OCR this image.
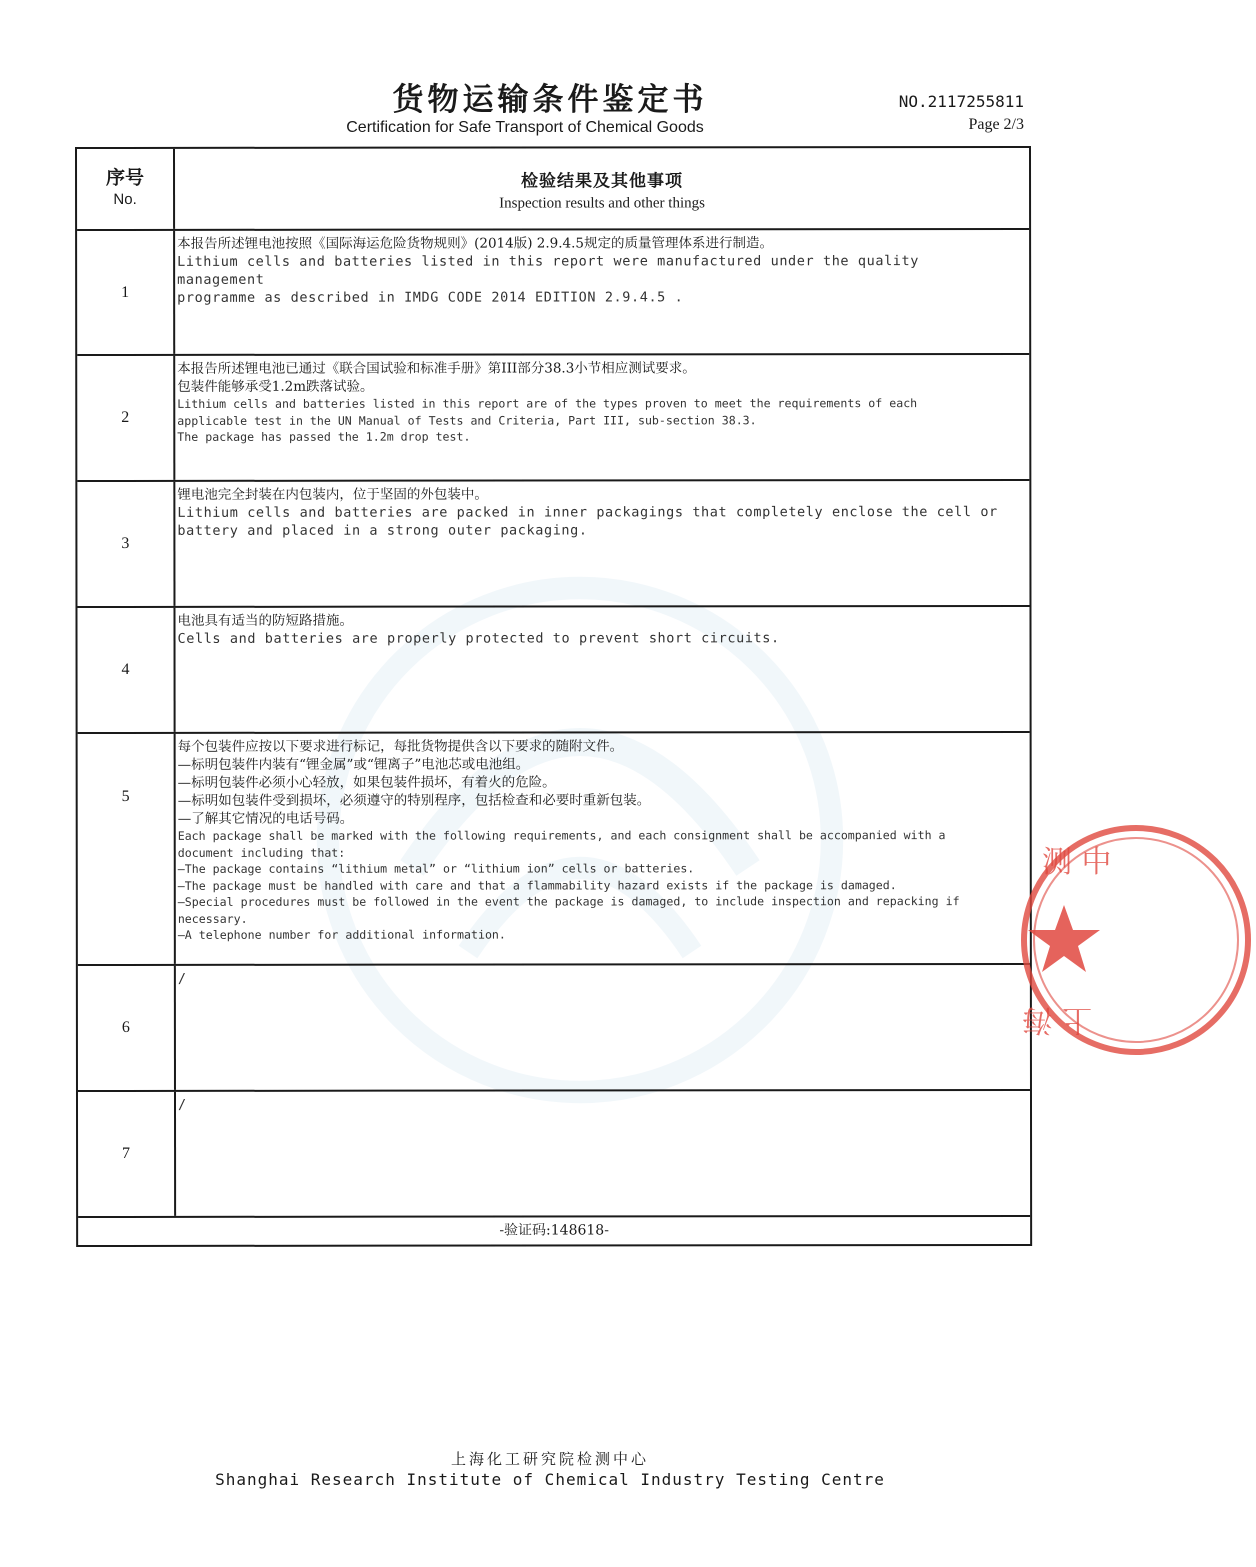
货物运输条件鉴定书
Certification for Safe Transport of Chemical Goods
NO.2117255811
Page 2/3
序号
No.
检验结果及其他事项
Inspection results and other things
1
本报告所述锂电池按照《国际海运危险货物规则》(2014版) 2.9.4.5规定的质量管理体系进行制造。
Lithium cells and batteries listed in this report were manufactured under the quality management
programme as described in IMDG CODE 2014 EDITION 2.9.4.5 .
2
本报告所述锂电池已通过《联合国试验和标准手册》第III部分38.3小节相应测试要求。
包装件能够承受1.2m跌落试验。
Lithium cells and batteries listed in this report are of the types proven to meet the requirements of each
applicable test in the UN Manual of Tests and Criteria, Part III, sub-section 38.3.
The package has passed the 1.2m drop test.
3
锂电池完全封装在内包装内，位于坚固的外包装中。
Lithium cells and batteries are packed in inner packagings that completely enclose the cell or
battery and placed in a strong outer packaging.
4
电池具有适当的防短路措施。
Cells and batteries are properly protected to prevent short circuits.
5
每个包装件应按以下要求进行标记，每批货物提供含以下要求的随附文件。
—标明包装件内装有“锂金属”或“锂离子”电池芯或电池组。
—标明包装件必须小心轻放，如果包装件损坏，有着火的危险。
—标明如包装件受到损坏，必须遵守的特别程序，包括检查和必要时重新包装。
—了解其它情况的电话号码。
Each package shall be marked with the following requirements, and each consignment shall be accompanied with a
document including that:
—The package contains “lithium metal” or “lithium ion” cells or batteries.
—The package must be handled with care and that a flammability hazard exists if the package is damaged.
—Special procedures must be followed in the event the package is damaged, to include inspection and repacking if
necessary.
—A telephone number for additional information.
6
/
7
/
-验证码:148618-
测 中
上 海
上海化工研究院检测中心
Shanghai Research Institute of Chemical Industry Testing Centre
